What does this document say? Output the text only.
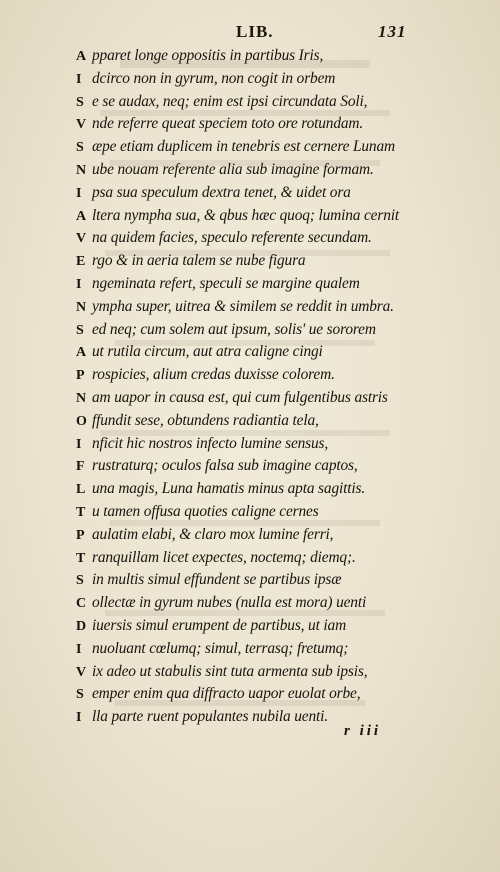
LIB.	131
A pparet longe oppositis in partibus Iris,
I dcirco non in gyrum, non cogit in orbem
S e se audax, neq; enim est ipsi circundata Soli,
V nde referre queat speciem toto ore rotundam.
S æpe etiam duplicem in tenebris est cernere Lunam
N ube nouam referente alia sub imagine formam.
I psa sua speculum dextra tenet, & uidet ora
A ltera nympha sua, & qbus hæc quoq; lumina cernit
V na quidem facies, speculo referente secundam.
E rgo & in aeria talem se nube figura
I ngeminata refert, speculi se margine qualem
N ympha super, uitrea & similem se reddit in umbra.
S ed neq; cum solem aut ipsum, solis' ue sororem
A ut rutila circum, aut atra caligne cingi
P rospicies, alium credas duxisse colorem.
N am uapor in causa est, qui cum fulgentibus astris
O ffundit sese, obtundens radiantia tela,
I nficit hic nostros infecto lumine sensus,
F rustraturq; oculos falsa sub imagine captos,
L una magis, Luna hamatis minus apta sagittis.
T u tamen offusa quoties caligne cernes
P aulatim elabi, & claro mox lumine ferri,
T ranquillam licet expectes, noctemq; diemq;.
S in multis simul effundent se partibus ipsæ
C ollectæ in gyrum nubes (nulla est mora) uenti
D iuersis simul erumpent de partibus, ut iam
I nuoluant cœlumq; simul, terrasq; fretumq;
V ix adeo ut stabulis sint tuta armenta sub ipsis,
S emper enim qua diffracto uapor euolat orbe,
I lla parte ruent populantes nubila uenti.
r iii
